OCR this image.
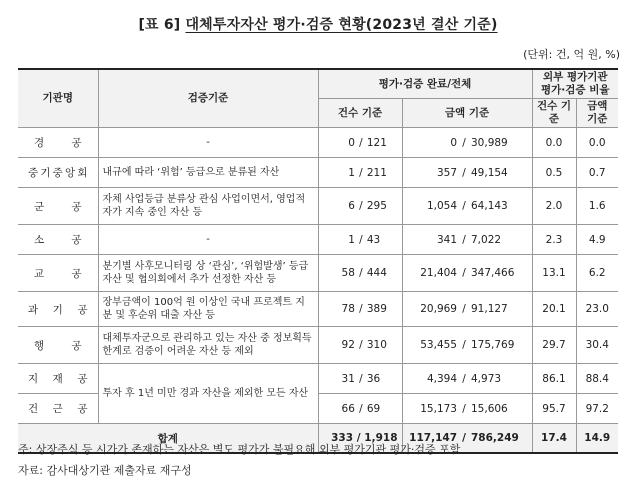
[표 6] 대체투자자산 평가·검증 현황(2023년 결산 기준)
(단위: 건, 억 원, %)
기관명	검증기준	평가·검증 완료/전체		외부 평가기관 평가·검증 비율	
		건수 기준	금액 기준	건수 기준	금액 기준

경 공	-	0 / 121	0 / 30,989	0.0	0.0

중 기 중 앙 회	내규에 따라 ‘위험’ 등급으로 분류된 자산	1 / 211	357 / 49,154	0.5	0.7

군 공	자체 사업등급 분류상 관심 사업이면서, 영업적자가 지속 중인 자산 등	6 / 295	1,054 / 64,143	2.0	1.6

소 공	-	1 / 43	341 / 7,022	2.3	4.9

교 공	분기별 사후모니터링 상 ‘관심’, ‘위험발생’ 등급 자산 및 협의회에서 추가 선정한 자산 등	58 / 444	21,404 / 347,466	13.1	6.2

과 기 공	장부금액이 100억 원 이상인 국내 프로젝트 지분 및 후순위 대출 자산 등	78 / 389	20,969 / 91,127	20.1	23.0

행 공	대체투자군으로 관리하고 있는 자산 중 정보획득 한계로 검증이 어려운 자산 등 제외	92 / 310	53,455 / 175,769	29.7	30.4

지 재 공	투자 후 1년 미만 경과 자산을 제외한 모든 자산	31 / 36	4,394 / 4,973	86.1	88.4

건 근 공		66 / 69	15,173 / 15,606	95.7	97.2
합계		333 / 1,918	117,147 / 786,249	17.4	14.9
주: 상장주식 등 시가가 존재하는 자산은 별도 평가가 불필요해 외부 평가기관 평가·검증 포함
자료: 감사대상기관 제출자료 재구성
